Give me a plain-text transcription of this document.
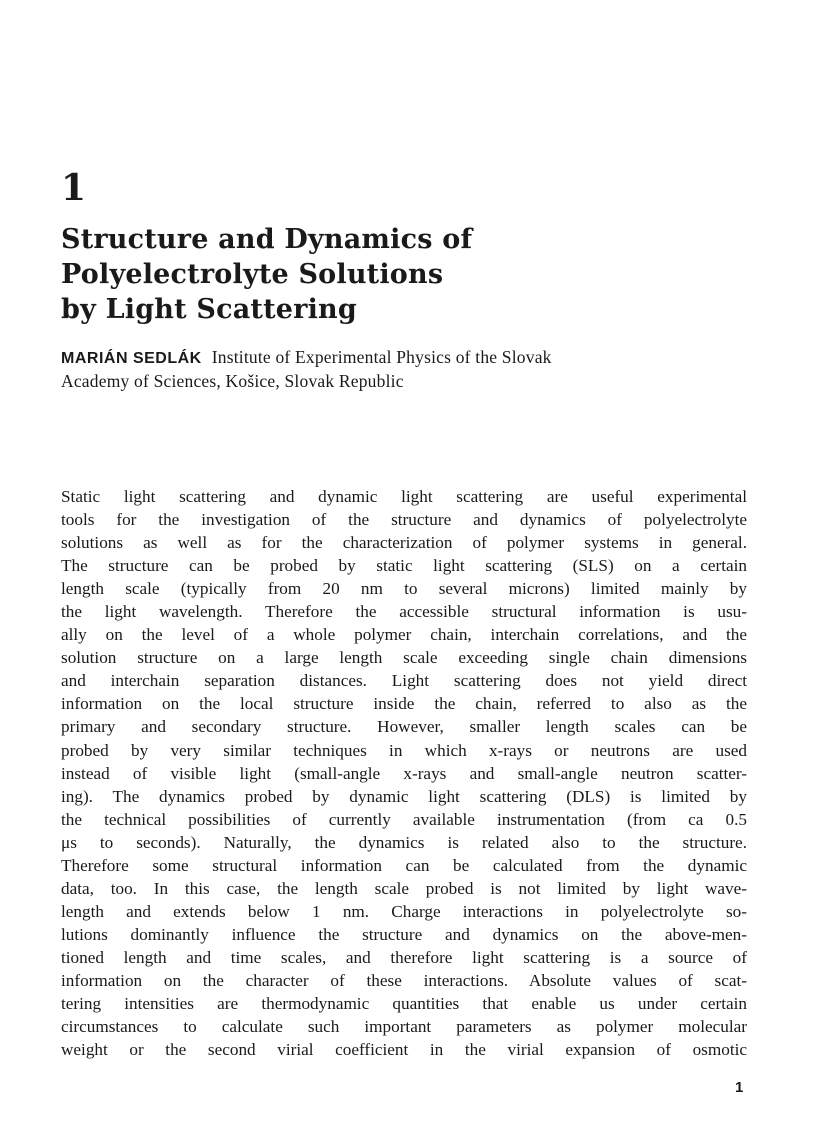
1
Structure and Dynamics of
Polyelectrolyte Solutions
by Light Scattering
MARIÁN SEDLÁK Institute of Experimental Physics of the Slovak
Academy of Sciences, Košice, Slovak Republic
Static light scattering and dynamic light scattering are useful experimental
tools for the investigation of the structure and dynamics of polyelectrolyte
solutions as well as for the characterization of polymer systems in general.
The structure can be probed by static light scattering (SLS) on a certain
length scale (typically from 20 nm to several microns) limited mainly by
the light wavelength. Therefore the accessible structural information is usu-
ally on the level of a whole polymer chain, interchain correlations, and the
solution structure on a large length scale exceeding single chain dimensions
and interchain separation distances. Light scattering does not yield direct
information on the local structure inside the chain, referred to also as the
primary and secondary structure. However, smaller length scales can be
probed by very similar techniques in which x-rays or neutrons are used
instead of visible light (small-angle x-rays and small-angle neutron scatter-
ing). The dynamics probed by dynamic light scattering (DLS) is limited by
the technical possibilities of currently available instrumentation (from ca 0.5
μs to seconds). Naturally, the dynamics is related also to the structure.
Therefore some structural information can be calculated from the dynamic
data, too. In this case, the length scale probed is not limited by light wave-
length and extends below 1 nm. Charge interactions in polyelectrolyte so-
lutions dominantly influence the structure and dynamics on the above-men-
tioned length and time scales, and therefore light scattering is a source of
information on the character of these interactions. Absolute values of scat-
tering intensities are thermodynamic quantities that enable us under certain
circumstances to calculate such important parameters as polymer molecular
weight or the second virial coefficient in the virial expansion of osmotic
1
